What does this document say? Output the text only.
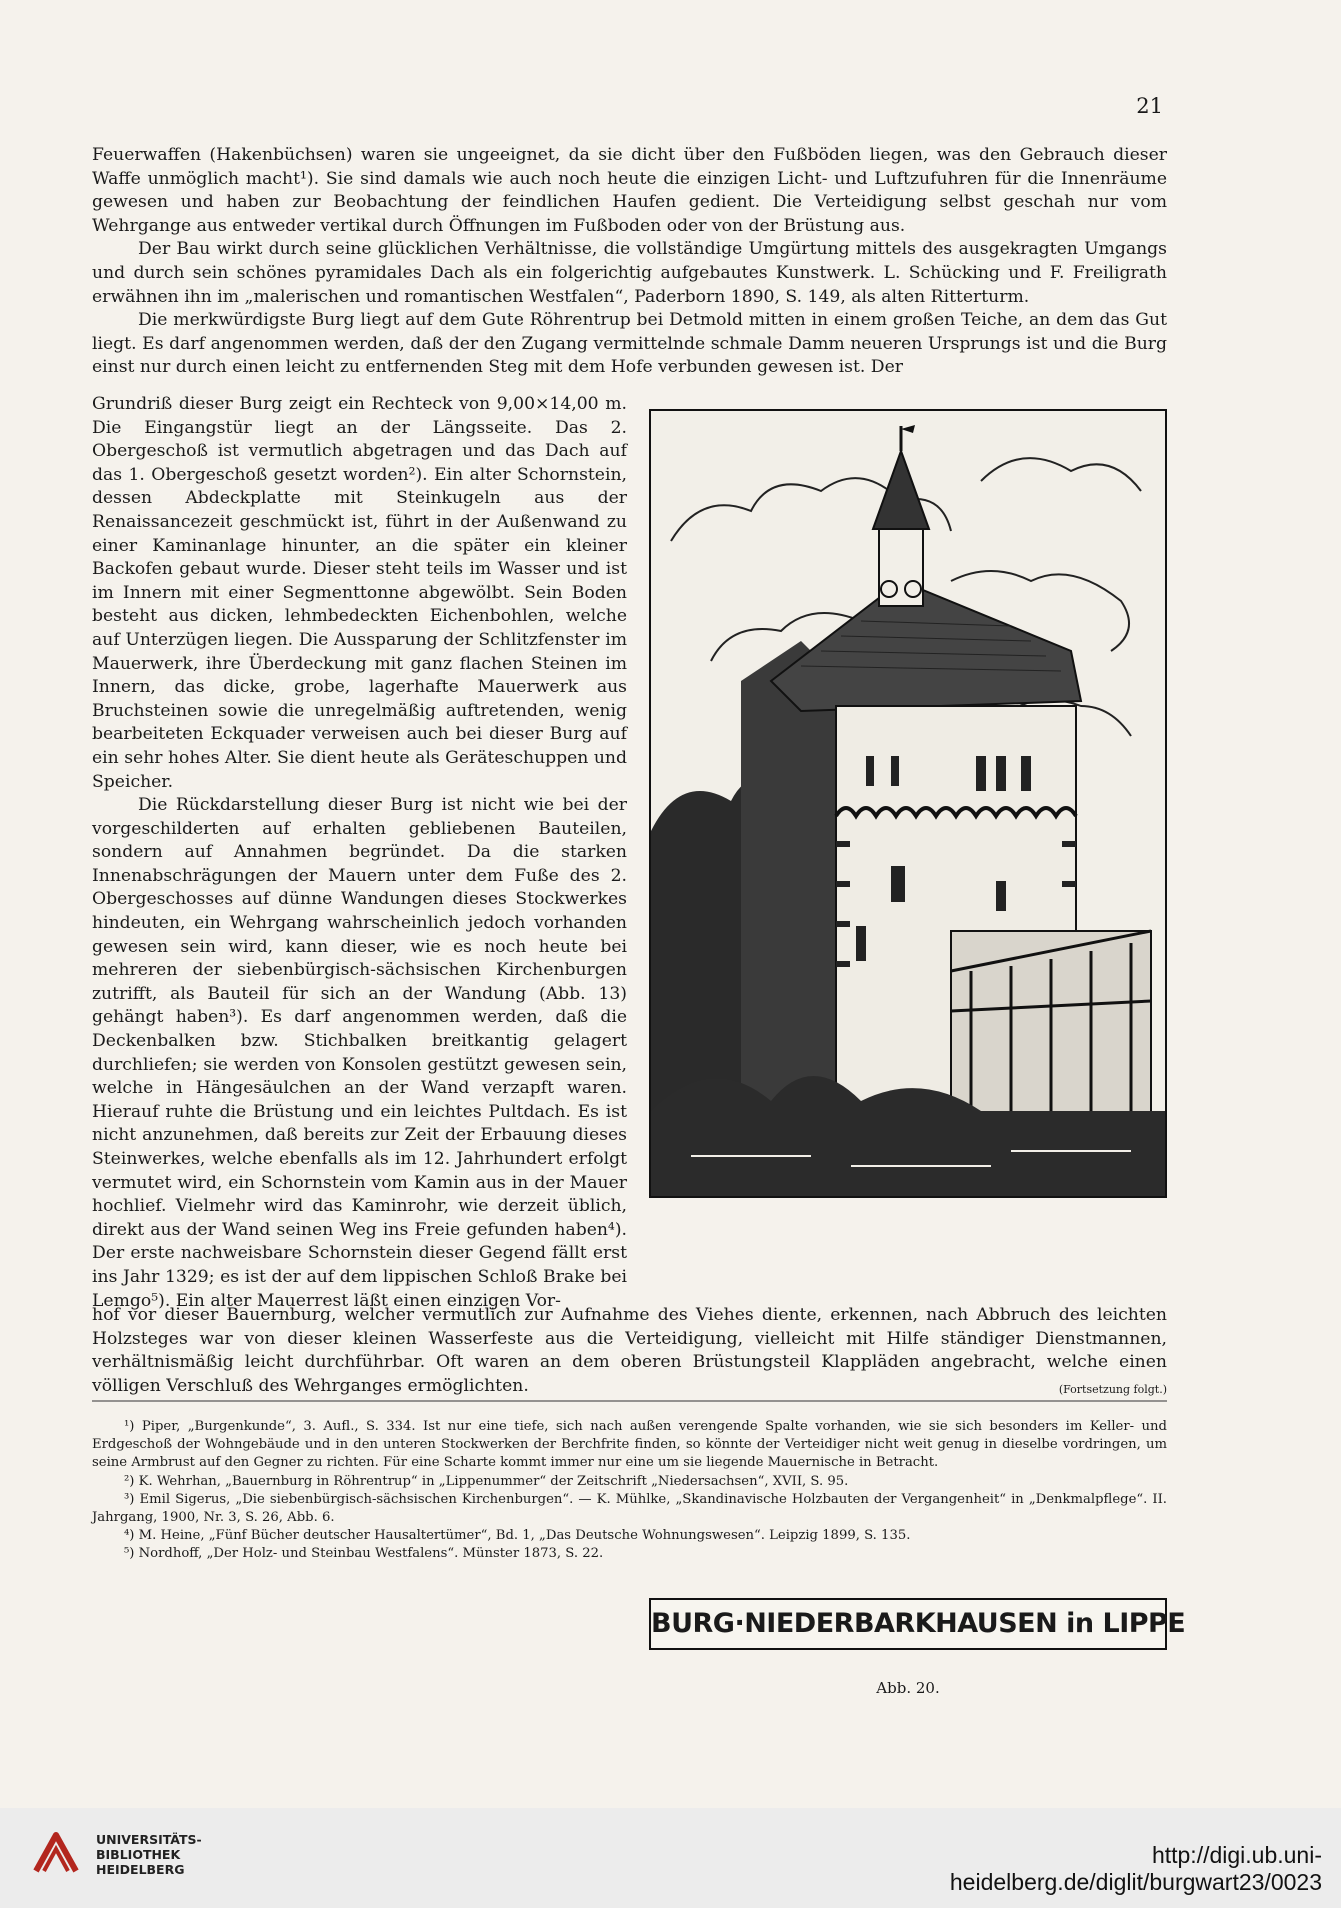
21

Feuerwaffen (Hakenbüchsen) waren sie ungeeignet, da sie dicht über den Fußböden liegen, was den Gebrauch dieser Waffe unmöglich macht¹). Sie sind damals wie auch noch heute die einzigen Licht- und Luftzufuhren für die Innenräume gewesen und haben zur Beobachtung der feindlichen Haufen gedient. Die Verteidigung selbst geschah nur vom Wehrgange aus entweder vertikal durch Öffnungen im Fußboden oder von der Brüstung aus.

Der Bau wirkt durch seine glücklichen Verhältnisse, die vollständige Umgürtung mittels des ausgekragten Umgangs und durch sein schönes pyramidales Dach als ein folgerichtig aufgebautes Kunstwerk. L. Schücking und F. Freiligrath erwähnen ihn im „malerischen und romantischen Westfalen“, Paderborn 1890, S. 149, als alten Ritterturm.

Die merkwürdigste Burg liegt auf dem Gute Röhrentrup bei Detmold mitten in einem großen Teiche, an dem das Gut liegt. Es darf angenommen werden, daß der den Zugang vermittelnde schmale Damm neueren Ursprungs ist und die Burg einst nur durch einen leicht zu entfernenden Steg mit dem Hofe verbunden gewesen ist. Der

Grundriß dieser Burg zeigt ein Rechteck von 9,00×14,00 m. Die Eingangstür liegt an der Längsseite. Das 2. Obergeschoß ist vermutlich abgetragen und das Dach auf das 1. Obergeschoß gesetzt worden²). Ein alter Schornstein, dessen Abdeckplatte mit Steinkugeln aus der Renaissancezeit geschmückt ist, führt in der Außenwand zu einer Kaminanlage hinunter, an die später ein kleiner Backofen gebaut wurde. Dieser steht teils im Wasser und ist im Innern mit einer Segmenttonne abgewölbt. Sein Boden besteht aus dicken, lehmbedeckten Eichenbohlen, welche auf Unterzügen liegen. Die Aussparung der Schlitzfenster im Mauerwerk, ihre Überdeckung mit ganz flachen Steinen im Innern, das dicke, grobe, lagerhafte Mauerwerk aus Bruchsteinen sowie die unregelmäßig auftretenden, wenig bearbeiteten Eckquader verweisen auch bei dieser Burg auf ein sehr hohes Alter. Sie dient heute als Geräteschuppen und Speicher.

Die Rückdarstellung dieser Burg ist nicht wie bei der vorgeschilderten auf erhalten gebliebenen Bauteilen, sondern auf Annahmen begründet. Da die starken Innenabschrägungen der Mauern unter dem Fuße des 2. Obergeschosses auf dünne Wandungen dieses Stockwerkes hindeuten, ein Wehrgang wahrscheinlich jedoch vorhanden gewesen sein wird, kann dieser, wie es noch heute bei mehreren der siebenbürgisch-sächsischen Kirchenburgen zutrifft, als Bauteil für sich an der Wandung (Abb. 13) gehängt haben³). Es darf angenommen werden, daß die Deckenbalken bzw. Stichbalken breitkantig gelagert durchliefen; sie werden von Konsolen gestützt gewesen sein, welche in Hängesäulchen an der Wand verzapft waren. Hierauf ruhte die Brüstung und ein leichtes Pultdach. Es ist nicht anzunehmen, daß bereits zur Zeit der Erbauung dieses Steinwerkes, welche ebenfalls als im 12. Jahrhundert erfolgt vermutet wird, ein Schornstein vom Kamin aus in der Mauer hochlief. Vielmehr wird das Kaminrohr, wie derzeit üblich, direkt aus der Wand seinen Weg ins Freie gefunden haben⁴). Der erste nachweisbare Schornstein dieser Gegend fällt erst ins Jahr 1329; es ist der auf dem lippischen Schloß Brake bei Lemgo⁵). Ein alter Mauerrest läßt einen einzigen Vor-

BURG·NIEDERBARKHAUSEN in LIPPE
Abb. 20.

hof vor dieser Bauernburg, welcher vermutlich zur Aufnahme des Viehes diente, erkennen, nach Abbruch des leichten Holzsteges war von dieser kleinen Wasserfeste aus die Verteidigung, vielleicht mit Hilfe ständiger Dienstmannen, verhältnismäßig leicht durchführbar. Oft waren an dem oberen Brüstungsteil Klappläden angebracht, welche einen völligen Verschluß des Wehrganges ermöglichten.	(Fortsetzung folgt.)

¹) Piper, „Burgenkunde“, 3. Aufl., S. 334. Ist nur eine tiefe, sich nach außen verengende Spalte vorhanden, wie sie sich besonders im Keller- und Erdgeschoß der Wohngebäude und in den unteren Stockwerken der Berchfrite finden, so könnte der Verteidiger nicht weit genug in dieselbe vordringen, um seine Armbrust auf den Gegner zu richten. Für eine Scharte kommt immer nur eine um sie liegende Mauernische in Betracht.

²) K. Wehrhan, „Bauernburg in Röhrentrup“ in „Lippenummer“ der Zeitschrift „Niedersachsen“, XVII, S. 95.

³) Emil Sigerus, „Die siebenbürgisch-sächsischen Kirchenburgen“. — K. Mühlke, „Skandinavische Holzbauten der Vergangenheit“ in „Denkmalpflege“. II. Jahrgang, 1900, Nr. 3, S. 26, Abb. 6.

⁴) M. Heine, „Fünf Bücher deutscher Hausaltertümer“, Bd. 1, „Das Deutsche Wohnungswesen“. Leipzig 1899, S. 135.

⁵) Nordhoff, „Der Holz- und Steinbau Westfalens“. Münster 1873, S. 22.

UNIVERSITÄTS-
BIBLIOTHEK
HEIDELBERG
http://digi.ub.uni-heidelberg.de/diglit/burgwart23/0023
